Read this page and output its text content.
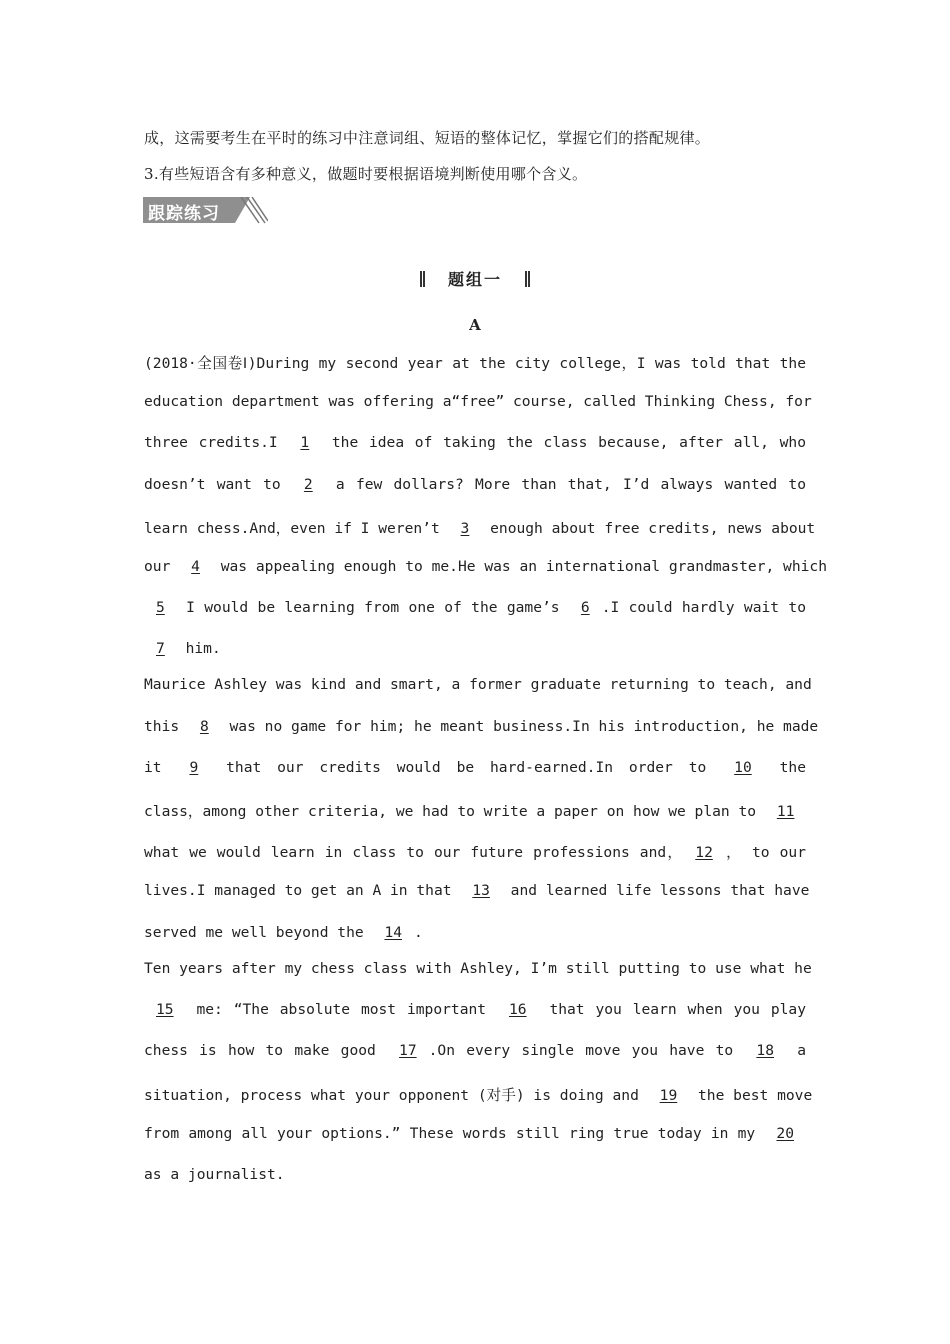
成，这需要考生在平时的练习中注意词组、短语的整体记忆，掌握它们的搭配规律。
3.有些短语含有多种意义，做题时要根据语境判断使用哪个含义。
跟踪练习
题组一
A
(2018·全国卷Ⅰ)During my second year at the city college，I was told that the
education department was offering a“free” course, called Thinking Chess, for
three credits.I 1 the idea of taking the class because, after all, who
doesn’t want to 2 a few dollars? More than that, I’d always wanted to
learn chess.And，even if I weren’t 3 enough about free credits, news about
our 4 was appealing enough to me.He was an international grandmaster, which
5 I would be learning from one of the game’s 6 .I could hardly wait to
7 him.
Maurice Ashley was kind and smart, a former graduate returning to teach, and
this 8 was no game for him; he meant business.In his introduction, he made
it 9 that our credits would be hard-earned.In order to 10 the
class，among other criteria, we had to write a paper on how we plan to 11
what we would learn in class to our future professions and， 12 ， to our
lives.I managed to get an A in that 13 and learned life lessons that have
served me well beyond the 14 .
Ten years after my chess class with Ashley, I’m still putting to use what he
15 me: “The absolute most important 16 that you learn when you play
chess is how to make good 17 .On every single move you have to 18 a
situation, process what your opponent (对手) is doing and 19 the best move
from among all your options.” These words still ring true today in my 20
as a journalist.
